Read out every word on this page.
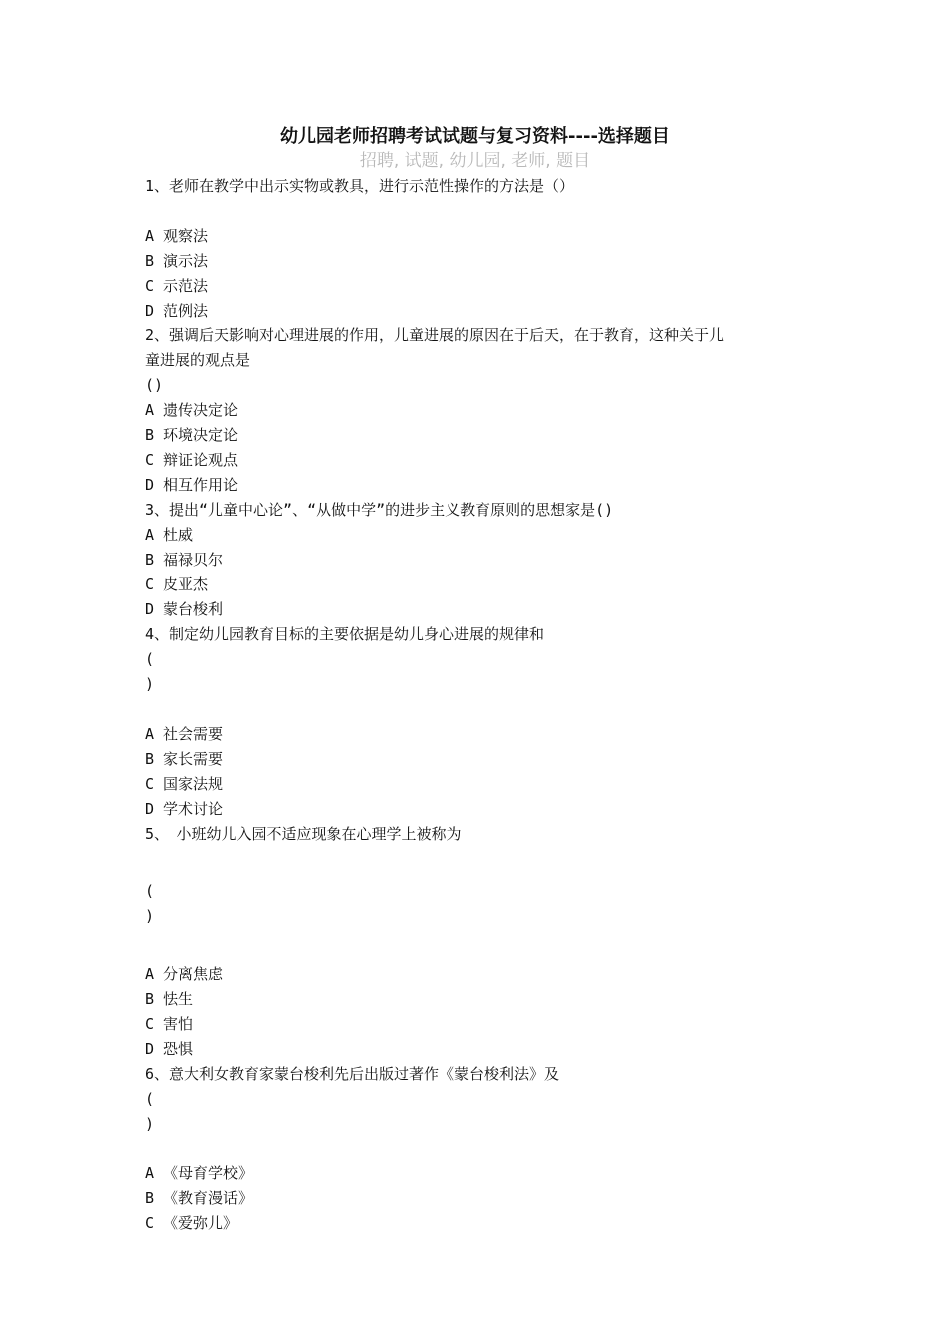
幼儿园老师招聘考试试题与复习资料----选择题目
招聘, 试题, 幼儿园, 老师, 题目

1、老师在教学中出示实物或教具，进行示范性操作的方法是（）

A 观察法

B 演示法

C 示范法

D 范例法

2、强调后天影响对心理进展的作用，儿童进展的原因在于后天，在于教育，这种关于儿

童进展的观点是

()

A 遗传决定论

B 环境决定论

C 辩证论观点

D 相互作用论

3、提出“儿童中心论”、“从做中学”的进步主义教育原则的思想家是()

A 杜威

B 福禄贝尔

C 皮亚杰

D 蒙台梭利

4、制定幼儿园教育目标的主要依据是幼儿身心进展的规律和

(

)

A 社会需要

B 家长需要

C 国家法规

D 学术讨论

5、　小班幼儿入园不适应现象在心理学上被称为

(

)

A 分离焦虑

B 怯生

C 害怕

D 恐惧

6、意大利女教育家蒙台梭利先后出版过著作《蒙台梭利法》及

(

)

A 《母育学校》

B 《教育漫话》

C 《爱弥儿》
